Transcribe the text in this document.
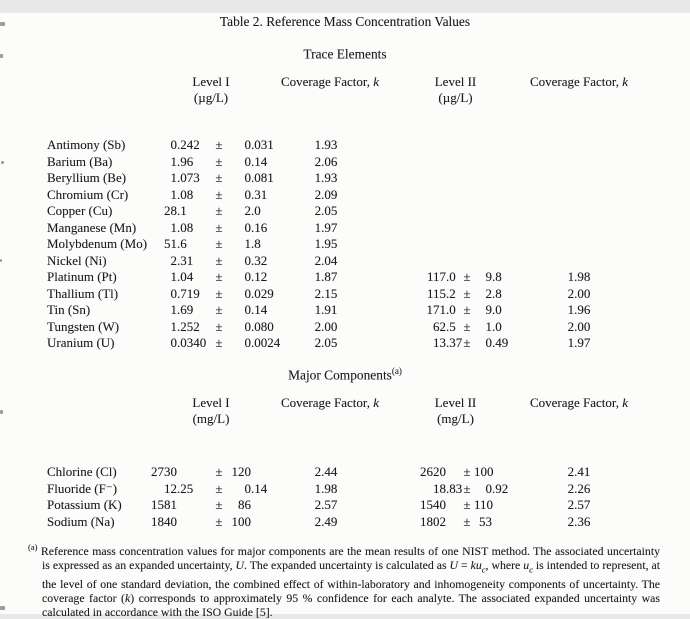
Table 2. Reference Mass Concentration Values

Trace Elements

Level I
(µg/L)
Coverage Factor, k	Level II
(µg/L)
Coverage Factor, k
Antimony (Sb)	0 .242	±	0 .031	1.93
Barium (Ba)	1 .96	±	0 .14	2.06
Beryllium (Be)	1 .073	±	0 .081	1.93
Chromium (Cr)	1 .08	±	0 .31	2.09
Copper (Cu)	28 .1	±	2 .0	2.05
Manganese (Mn)	1 .08	±	0 .16	1.97
Molybdenum (Mo)	51 .6	±	1 .8	1.95
Nickel (Ni)	2 .31	±	0 .32	2.04
Platinum (Pt)	1 .04	±	0 .12	1.87	117 .0 ±	9 .8	1.98
Thallium (Tl)	0 .719	±	0 .029	2.15	115 .2 ±	2 .8	2.00
Tin (Sn)	1 .69	±	0 .14	1.91	171 .0 ±	9 .0	1.96
Tungsten (W)	1 .252	±	0 .080	2.00	62 .5 ±	1 .0	2.00
Uranium (U)	0 .0340 ±	0 .0024	2.05	13 .37 ±	0 .49	1.97

Major Components$^{(a)}$

Level I
(mg/L)
Coverage Factor, k	Level II
(mg/L)
Coverage Factor, k
Chlorine (Cl)	2730	± 120	2.44	2620 ± 100	2.41
Fluoride (F⁻)	12 .25	±	0 .14	1.98	18 .83 ±	0 .92	2.26
Potassium (K)	1581	±	86	2.57	1540 ± 110	2.57
Sodium (Na)	1840	± 100	2.49	1802 ± 53	2.36

$^{(a)}$ Reference mass concentration values for major components are the mean results of one NIST method. The associated uncertainty is expressed as an expanded uncertainty, U. The expanded uncertainty is calculated as $U = ku_c$, where $u_c$ is intended to represent, at the level of one standard deviation, the combined effect of within-laboratory and inhomogeneity components of uncertainty. The coverage factor (k) corresponds to approximately 95 % confidence for each analyte. The associated expanded uncertainty was calculated in accordance with the ISO Guide [5].
